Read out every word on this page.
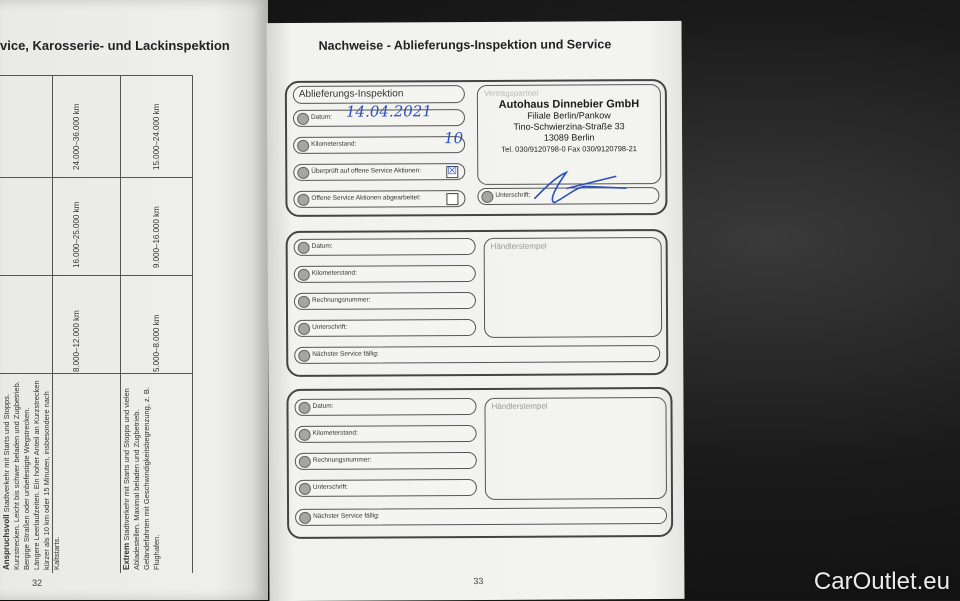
vice, Karosserie- und Lackinspektion
24.000–36.000 km	15.000–24.000 km
16.000–25.000 km	9.000–16.000 km
8.000–12.000 km	5.000–8.000 km
Anspruchsvoll Stadtverkehr mit Starts und Stopps. Kurzstrecken. Leicht bis schwer beladen und Zugbetrieb. Bergige Straßen oder unbefestigte Wegstrecken. Längere Leerlaufzeiten. Ein hoher Anteil an Kurzstrecken kürzer als 10 km oder 15 Minuten, insbesondere nach Kaltstarts.	Extrem Stadtverkehr mit Starts und Stopps und vielen Abladestellen. Maximal beladen und Zugbetrieb. Geländefahrten mit Geschwindigkeitsbegrenzung, z. B. Flughafen.
32
Nachweise - Ablieferungs-Inspektion und Service
Ablieferungs-Inspektion
Datum: 14.04.2021
Kilometerstand:	10
Überprüft auf offene Service Aktionen: ☒
Offene Service Aktionen abgearbeitet:
Vertragspartner
Autohaus Dinnebier GmbH
Filiale Berlin/Pankow
Tino-Schwierzina-Straße 33
13089 Berlin
Tel. 030/9120798-0 Fax 030/9120798-21
Unterschrift:
Datum:
Kilometerstand:
Rechnungsnummer:
Unterschrift:
Händlerstempel
Nächster Service fällig:
Datum:
Kilometerstand:
Rechnungsnummer:
Unterschrift:
Händlerstempel
Nächster Service fällig:
33	CarOutlet.eu
